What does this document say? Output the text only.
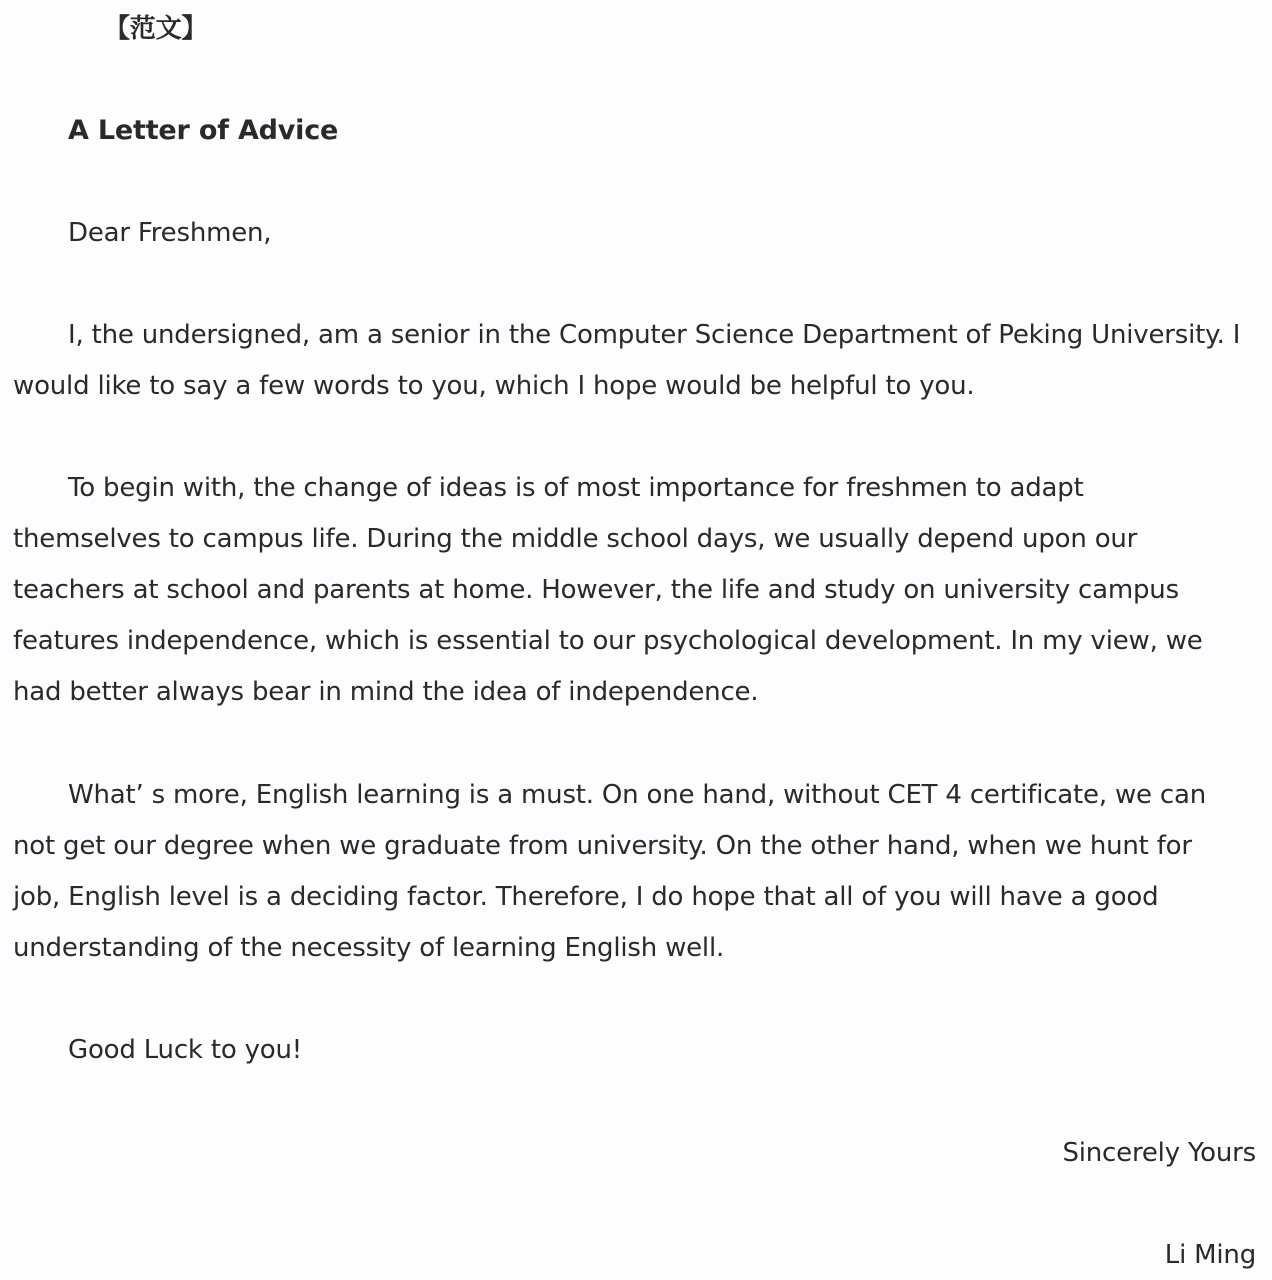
【范文】
A Letter of Advice
Dear Freshmen,
I, the undersigned, am a senior in the Computer Science Department of Peking University. I
would like to say a few words to you, which I hope would be helpful to you.
To begin with, the change of ideas is of most importance for freshmen to adapt
themselves to campus life. During the middle school days, we usually depend upon our
teachers at school and parents at home. However, the life and study on university campus
features independence, which is essential to our psychological development. In my view, we
had better always bear in mind the idea of independence.
What’ s more, English learning is a must. On one hand, without CET 4 certificate, we can
not get our degree when we graduate from university. On the other hand, when we hunt for
job, English level is a deciding factor. Therefore, I do hope that all of you will have a good
understanding of the necessity of learning English well.
Good Luck to you!
Sincerely Yours
Li Ming
